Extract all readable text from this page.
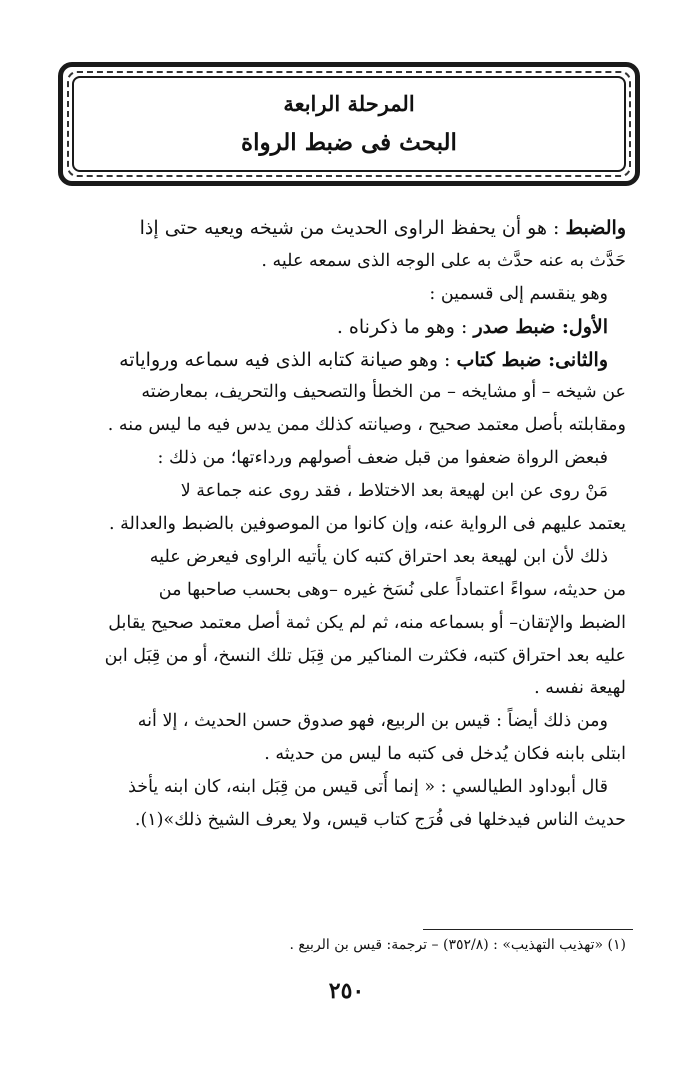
المرحلة الرابعة
البحث فى ضبط الرواة
والضبط : هو أن يحفظ الراوى الحديث من شيخه ويعيه حتى إذا
حَدَّث به عنه حدَّث به على الوجه الذى سمعه عليه .
وهو ينقسم إلى قسمين :
الأول: ضبط صدر : وهو ما ذكرناه .
والثانى: ضبط كتاب : وهو صيانة كتابه الذى فيه سماعه ورواياته
عن شيخه – أو مشايخه – من الخطأ والتصحيف والتحريف، بمعارضته
ومقابلته بأصل معتمد صحيح ، وصيانته كذلك ممن يدس فيه ما ليس منه .
فبعض الرواة ضعفوا من قبل ضعف أصولهم ورداءتها؛ من ذلك :
مَنْ روى عن ابن لهيعة بعد الاختلاط ، فقد روى عنه جماعة لا
يعتمد عليهم فى الرواية عنه، وإن كانوا من الموصوفين بالضبط والعدالة .
ذلك لأن ابن لهيعة بعد احتراق كتبه كان يأتيه الراوى فيعرض عليه
من حديثه، سواءً اعتماداً على نُسَخ غيره –وهى بحسب صاحبها من
الضبط والإتقان– أو بسماعه منه، ثم لم يكن ثمة أصل معتمد صحيح يقابل
عليه بعد احتراق كتبه، فكثرت المناكير من قِبَل تلك النسخ، أو من قِبَل ابن
لهيعة نفسه .
ومن ذلك أيضاً : قيس بن الربيع، فهو صدوق حسن الحديث ، إلا أنه
ابتلى بابنه فكان يُدخل فى كتبه ما ليس من حديثه .
قال أبوداود الطيالسي : « إنما أُتى قيس من قِبَل ابنه، كان ابنه يأخذ
حديث الناس فيدخلها فى فُرَج كتاب قيس، ولا يعرف الشيخ ذلك»(١).
(١) «تهذيب التهذيب» : (٣٥٢/٨) – ترجمة: قيس بن الربيع .
٢٥٠
